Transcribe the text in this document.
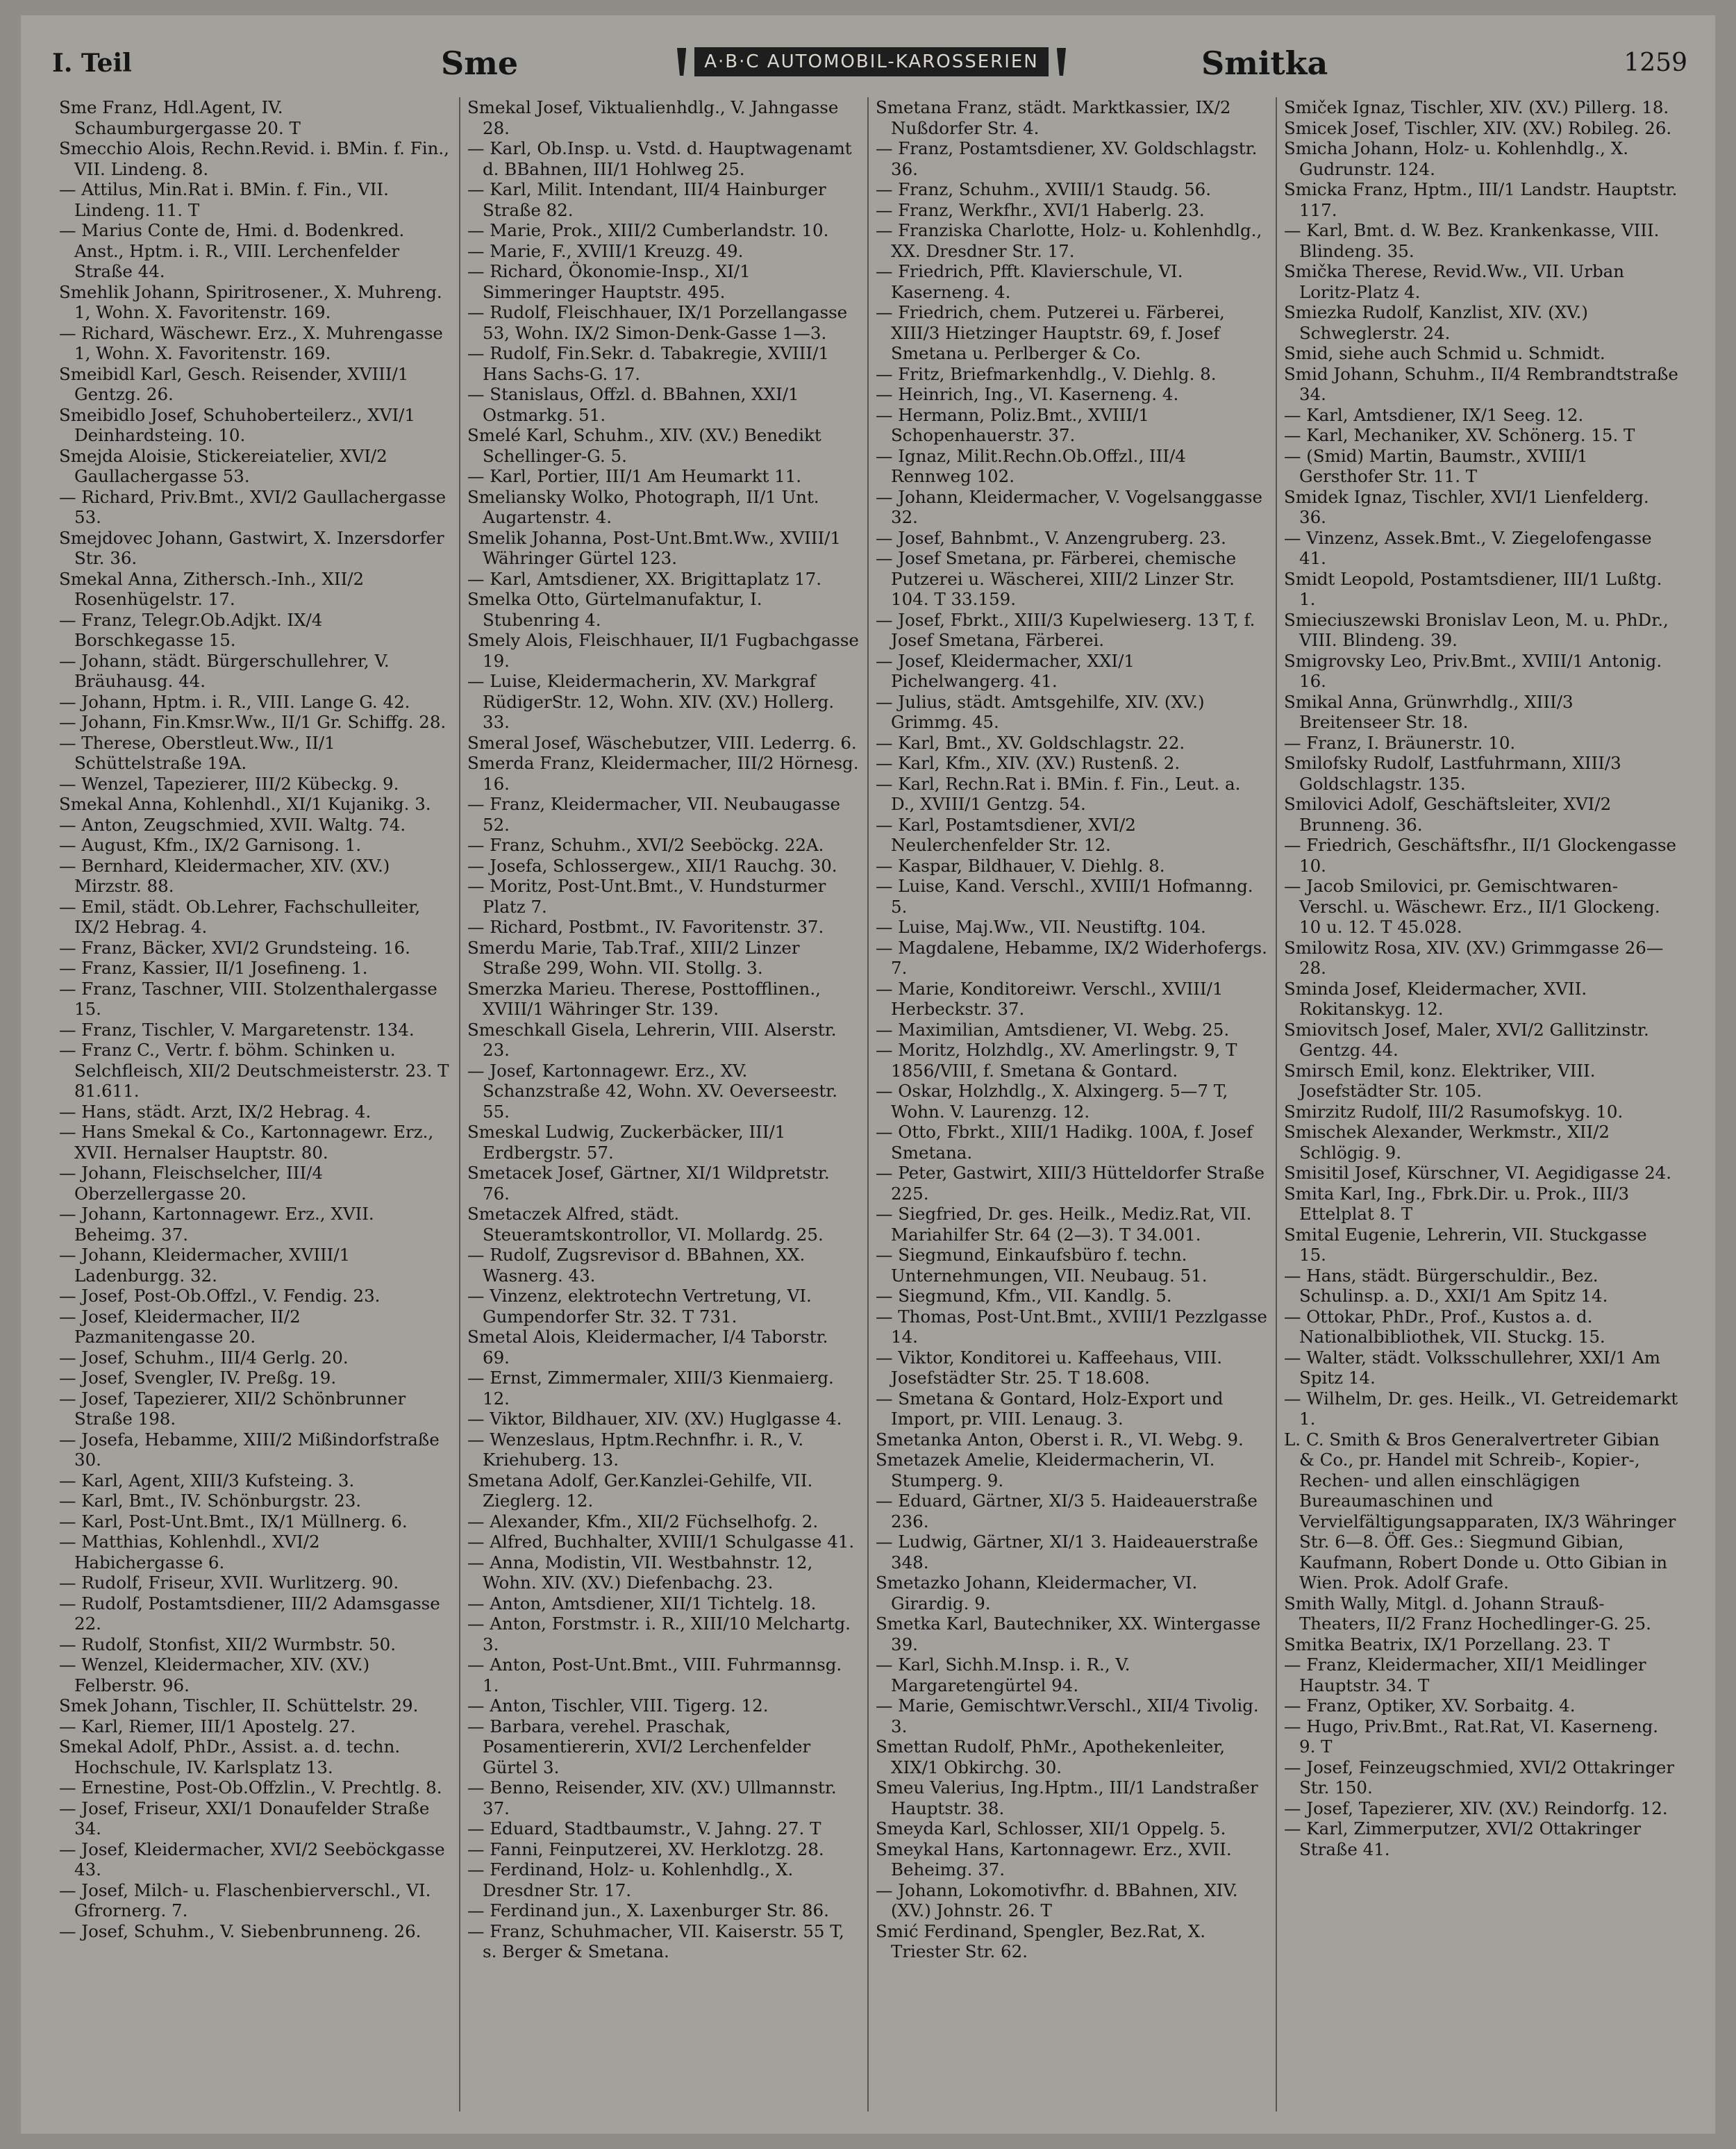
I. Teil	Sme	A·B·C AUTOMOBIL-KAROSSERIEN	Smitka	1259
Sme Franz, Hdl.Agent, IV. Schaumburgergasse 20. T
Smecchio Alois, Rechn.Revid. i. BMin. f. Fin., VII. Lindeng. 8.
— Attilus, Min.Rat i. BMin. f. Fin., VII. Lindeng. 11. T
— Marius Conte de, Hmi. d. Bodenkred. Anst., Hptm. i. R., VIII. Lerchenfelder Straße 44.
Smehlik Johann, Spiritrosener., X. Muhreng. 1, Wohn. X. Favoritenstr. 169.
— Richard, Wäschewr. Erz., X. Muhrengasse 1, Wohn. X. Favoritenstr. 169.
Smeibidl Karl, Gesch. Reisender, XVIII/1 Gentzg. 26.
Smeibidlo Josef, Schuhoberteilerz., XVI/1 Deinhardsteing. 10.
Smejda Aloisie, Stickereiatelier, XVI/2 Gaullachergasse 53.
— Richard, Priv.Bmt., XVI/2 Gaullachergasse 53.
Smejdovec Johann, Gastwirt, X. Inzersdorfer Str. 36.
Smekal Anna, Zithersch.-Inh., XII/2 Rosenhügelstr. 17.
— Franz, Telegr.Ob.Adjkt. IX/4 Borschkegasse 15.
— Johann, städt. Bürgerschullehrer, V. Bräuhausg. 44.
— Johann, Hptm. i. R., VIII. Lange G. 42.
— Johann, Fin.Kmsr.Ww., II/1 Gr. Schiffg. 28.
— Therese, Oberstleut.Ww., II/1 Schüttelstraße 19A.
— Wenzel, Tapezierer, III/2 Kübeckg. 9.
Smekal Anna, Kohlenhdl., XI/1 Kujanikg. 3.
— Anton, Zeugschmied, XVII. Waltg. 74.
— August, Kfm., IX/2 Garnisong. 1.
— Bernhard, Kleidermacher, XIV. (XV.) Mirzstr. 88.
— Emil, städt. Ob.Lehrer, Fachschulleiter, IX/2 Hebrag. 4.
— Franz, Bäcker, XVI/2 Grundsteing. 16.
— Franz, Kassier, II/1 Josefineng. 1.
— Franz, Taschner, VIII. Stolzenthalergasse 15.
— Franz, Tischler, V. Margaretenstr. 134.
— Franz C., Vertr. f. böhm. Schinken u. Selchfleisch, XII/2 Deutschmeisterstr. 23. T 81.611.
— Hans, städt. Arzt, IX/2 Hebrag. 4.
— Hans Smekal & Co., Kartonnagewr. Erz., XVII. Hernalser Hauptstr. 80.
— Johann, Fleischselcher, III/4 Oberzellergasse 20.
— Johann, Kartonnagewr. Erz., XVII. Beheimg. 37.
— Johann, Kleidermacher, XVIII/1 Ladenburgg. 32.
— Josef, Post-Ob.Offzl., V. Fendig. 23.
— Josef, Kleidermacher, II/2 Pazmanitengasse 20.
— Josef, Schuhm., III/4 Gerlg. 20.
— Josef, Svengler, IV. Preßg. 19.
— Josef, Tapezierer, XII/2 Schönbrunner Straße 198.
— Josefa, Hebamme, XIII/2 Mißindorfstraße 30.
— Karl, Agent, XIII/3 Kufsteing. 3.
— Karl, Bmt., IV. Schönburgstr. 23.
— Karl, Post-Unt.Bmt., IX/1 Müllnerg. 6.
— Matthias, Kohlenhdl., XVI/2 Habichergasse 6.
— Rudolf, Friseur, XVII. Wurlitzerg. 90.
— Rudolf, Postamtsdiener, III/2 Adamsgasse 22.
— Rudolf, Stonfist, XII/2 Wurmbstr. 50.
— Wenzel, Kleidermacher, XIV. (XV.) Felberstr. 96.
Smek Johann, Tischler, II. Schüttelstr. 29.
— Karl, Riemer, III/1 Apostelg. 27.
Smekal Adolf, PhDr., Assist. a. d. techn. Hochschule, IV. Karlsplatz 13.
— Ernestine, Post-Ob.Offzlin., V. Prechtlg. 8.
— Josef, Friseur, XXI/1 Donaufelder Straße 34.
— Josef, Kleidermacher, XVI/2 Seeböckgasse 43.
— Josef, Milch- u. Flaschenbierverschl., VI. Gfrornerg. 7.
— Josef, Schuhm., V. Siebenbrunneng. 26.
Smekal Josef, Viktualienhdlg., V. Jahngasse 28.
— Karl, Ob.Insp. u. Vstd. d. Hauptwagenamt d. BBahnen, III/1 Hohlweg 25.
— Karl, Milit. Intendant, III/4 Hainburger Straße 82.
— Marie, Prok., XIII/2 Cumberlandstr. 10.
— Marie, F., XVIII/1 Kreuzg. 49.
— Richard, Ökonomie-Insp., XI/1 Simmeringer Hauptstr. 495.
— Rudolf, Fleischhauer, IX/1 Porzellangasse 53, Wohn. IX/2 Simon-Denk-Gasse 1—3.
— Rudolf, Fin.Sekr. d. Tabakregie, XVIII/1 Hans Sachs-G. 17.
— Stanislaus, Offzl. d. BBahnen, XXI/1 Ostmarkg. 51.
Smelé Karl, Schuhm., XIV. (XV.) Benedikt Schellinger-G. 5.
— Karl, Portier, III/1 Am Heumarkt 11.
Smeliansky Wolko, Photograph, II/1 Unt. Augartenstr. 4.
Smelik Johanna, Post-Unt.Bmt.Ww., XVIII/1 Währinger Gürtel 123.
— Karl, Amtsdiener, XX. Brigittaplatz 17.
Smelka Otto, Gürtelmanufaktur, I. Stubenring 4.
Smely Alois, Fleischhauer, II/1 Fugbachgasse 19.
— Luise, Kleidermacherin, XV. Markgraf RüdigerStr. 12, Wohn. XIV. (XV.) Hollerg. 33.
Smeral Josef, Wäschebutzer, VIII. Lederrg. 6.
Smerda Franz, Kleidermacher, III/2 Hörnesg. 16.
— Franz, Kleidermacher, VII. Neubaugasse 52.
— Franz, Schuhm., XVI/2 Seeböckg. 22A.
— Josefa, Schlossergew., XII/1 Rauchg. 30.
— Moritz, Post-Unt.Bmt., V. Hundsturmer Platz 7.
— Richard, Postbmt., IV. Favoritenstr. 37.
Smerdu Marie, Tab.Traf., XIII/2 Linzer Straße 299, Wohn. VII. Stollg. 3.
Smerzka Marieu. Therese, Posttofflinen., XVIII/1 Währinger Str. 139.
Smeschkall Gisela, Lehrerin, VIII. Alserstr. 23.
— Josef, Kartonnagewr. Erz., XV. Schanzstraße 42, Wohn. XV. Oeverseestr. 55.
Smeskal Ludwig, Zuckerbäcker, III/1 Erdbergstr. 57.
Smetacek Josef, Gärtner, XI/1 Wildpretstr. 76.
Smetaczek Alfred, städt. Steueramtskontrollor, VI. Mollardg. 25.
— Rudolf, Zugsrevisor d. BBahnen, XX. Wasnerg. 43.
— Vinzenz, elektrotechn Vertretung, VI. Gumpendorfer Str. 32. T 731.
Smetal Alois, Kleidermacher, I/4 Taborstr. 69.
— Ernst, Zimmermaler, XIII/3 Kienmaierg. 12.
— Viktor, Bildhauer, XIV. (XV.) Huglgasse 4.
— Wenzeslaus, Hptm.Rechnfhr. i. R., V. Kriehuberg. 13.
Smetana Adolf, Ger.Kanzlei-Gehilfe, VII. Zieglerg. 12.
— Alexander, Kfm., XII/2 Füchselhofg. 2.
— Alfred, Buchhalter, XVIII/1 Schulgasse 41.
— Anna, Modistin, VII. Westbahnstr. 12, Wohn. XIV. (XV.) Diefenbachg. 23.
— Anton, Amtsdiener, XII/1 Tichtelg. 18.
— Anton, Forstmstr. i. R., XIII/10 Melchartg. 3.
— Anton, Post-Unt.Bmt., VIII. Fuhrmannsg. 1.
— Anton, Tischler, VIII. Tigerg. 12.
— Barbara, verehel. Praschak, Posamentiererin, XVI/2 Lerchenfelder Gürtel 3.
— Benno, Reisender, XIV. (XV.) Ullmannstr. 37.
— Eduard, Stadtbaumstr., V. Jahng. 27. T
— Fanni, Feinputzerei, XV. Herklotzg. 28.
— Ferdinand, Holz- u. Kohlenhdlg., X. Dresdner Str. 17.
— Ferdinand jun., X. Laxenburger Str. 86.
— Franz, Schuhmacher, VII. Kaiserstr. 55 T, s. Berger & Smetana.
Smetana Franz, städt. Marktkassier, IX/2 Nußdorfer Str. 4.
— Franz, Postamtsdiener, XV. Goldschlagstr. 36.
— Franz, Schuhm., XVIII/1 Staudg. 56.
— Franz, Werkfhr., XVI/1 Haberlg. 23.
— Franziska Charlotte, Holz- u. Kohlenhdlg., XX. Dresdner Str. 17.
— Friedrich, Pfft. Klavierschule, VI. Kaserneng. 4.
— Friedrich, chem. Putzerei u. Färberei, XIII/3 Hietzinger Hauptstr. 69, f. Josef Smetana u. Perlberger & Co.
— Fritz, Briefmarkenhdlg., V. Diehlg. 8.
— Heinrich, Ing., VI. Kaserneng. 4.
— Hermann, Poliz.Bmt., XVIII/1 Schopenhauerstr. 37.
— Ignaz, Milit.Rechn.Ob.Offzl., III/4 Rennweg 102.
— Johann, Kleidermacher, V. Vogelsanggasse 32.
— Josef, Bahnbmt., V. Anzengruberg. 23.
— Josef Smetana, pr. Färberei, chemische Putzerei u. Wäscherei, XIII/2 Linzer Str. 104. T 33.159.
— Josef, Fbrkt., XIII/3 Kupelwieserg. 13 T, f. Josef Smetana, Färberei.
— Josef, Kleidermacher, XXI/1 Pichelwangerg. 41.
— Julius, städt. Amtsgehilfe, XIV. (XV.) Grimmg. 45.
— Karl, Bmt., XV. Goldschlagstr. 22.
— Karl, Kfm., XIV. (XV.) Rustenß. 2.
— Karl, Rechn.Rat i. BMin. f. Fin., Leut. a. D., XVIII/1 Gentzg. 54.
— Karl, Postamtsdiener, XVI/2 Neulerchenfelder Str. 12.
— Kaspar, Bildhauer, V. Diehlg. 8.
— Luise, Kand. Verschl., XVIII/1 Hofmanng. 5.
— Luise, Maj.Ww., VII. Neustiftg. 104.
— Magdalene, Hebamme, IX/2 Widerhofergs. 7.
— Marie, Konditoreiwr. Verschl., XVIII/1 Herbeckstr. 37.
— Maximilian, Amtsdiener, VI. Webg. 25.
— Moritz, Holzhdlg., XV. Amerlingstr. 9, T 1856/VIII, f. Smetana & Gontard.
— Oskar, Holzhdlg., X. Alxingerg. 5—7 T, Wohn. V. Laurenzg. 12.
— Otto, Fbrkt., XIII/1 Hadikg. 100A, f. Josef Smetana.
— Peter, Gastwirt, XIII/3 Hütteldorfer Straße 225.
— Siegfried, Dr. ges. Heilk., Mediz.Rat, VII. Mariahilfer Str. 64 (2—3). T 34.001.
— Siegmund, Einkaufsbüro f. techn. Unternehmungen, VII. Neubaug. 51.
— Siegmund, Kfm., VII. Kandlg. 5.
— Thomas, Post-Unt.Bmt., XVIII/1 Pezzlgasse 14.
— Viktor, Konditorei u. Kaffeehaus, VIII. Josefstädter Str. 25. T 18.608.
— Smetana & Gontard, Holz-Export und Import, pr. VIII. Lenaug. 3.
Smetanka Anton, Oberst i. R., VI. Webg. 9.
Smetazek Amelie, Kleidermacherin, VI. Stumperg. 9.
— Eduard, Gärtner, XI/3 5. Haideauerstraße 236.
— Ludwig, Gärtner, XI/1 3. Haideauerstraße 348.
Smetazko Johann, Kleidermacher, VI. Girardig. 9.
Smetka Karl, Bautechniker, XX. Wintergasse 39.
— Karl, Sichh.M.Insp. i. R., V. Margaretengürtel 94.
— Marie, Gemischtwr.Verschl., XII/4 Tivolig. 3.
Smettan Rudolf, PhMr., Apothekenleiter, XIX/1 Obkirchg. 30.
Smeu Valerius, Ing.Hptm., III/1 Landstraßer Hauptstr. 38.
Smeyda Karl, Schlosser, XII/1 Oppelg. 5.
Smeykal Hans, Kartonnagewr. Erz., XVII. Beheimg. 37.
— Johann, Lokomotivfhr. d. BBahnen, XIV. (XV.) Johnstr. 26. T
Smić Ferdinand, Spengler, Bez.Rat, X. Triester Str. 62.
Smiček Ignaz, Tischler, XIV. (XV.) Pillerg. 18.
Smicek Josef, Tischler, XIV. (XV.) Robileg. 26.
Smicha Johann, Holz- u. Kohlenhdlg., X. Gudrunstr. 124.
Smicka Franz, Hptm., III/1 Landstr. Hauptstr. 117.
— Karl, Bmt. d. W. Bez. Krankenkasse, VIII. Blindeng. 35.
Smička Therese, Revid.Ww., VII. Urban Loritz-Platz 4.
Smiezka Rudolf, Kanzlist, XIV. (XV.) Schweglerstr. 24.
Smid, siehe auch Schmid u. Schmidt.
Smid Johann, Schuhm., II/4 Rembrandtstraße 34.
— Karl, Amtsdiener, IX/1 Seeg. 12.
— Karl, Mechaniker, XV. Schönerg. 15. T
— (Smid) Martin, Baumstr., XVIII/1 Gersthofer Str. 11. T
Smidek Ignaz, Tischler, XVI/1 Lienfelderg. 36.
— Vinzenz, Assek.Bmt., V. Ziegelofengasse 41.
Smidt Leopold, Postamtsdiener, III/1 Lußtg. 1.
Smieciuszewski Bronislav Leon, M. u. PhDr., VIII. Blindeng. 39.
Smigrovsky Leo, Priv.Bmt., XVIII/1 Antonig. 16.
Smikal Anna, Grünwrhdlg., XIII/3 Breitenseer Str. 18.
— Franz, I. Bräunerstr. 10.
Smilofsky Rudolf, Lastfuhrmann, XIII/3 Goldschlagstr. 135.
Smilovici Adolf, Geschäftsleiter, XVI/2 Brunneng. 36.
— Friedrich, Geschäftsfhr., II/1 Glockengasse 10.
— Jacob Smilovici, pr. Gemischtwaren-Verschl. u. Wäschewr. Erz., II/1 Glockeng. 10 u. 12. T 45.028.
Smilowitz Rosa, XIV. (XV.) Grimmgasse 26—28.
Sminda Josef, Kleidermacher, XVII. Rokitanskyg. 12.
Smiovitsch Josef, Maler, XVI/2 Gallitzinstr. Gentzg. 44.
Smirsch Emil, konz. Elektriker, VIII. Josefstädter Str. 105.
Smirzitz Rudolf, III/2 Rasumofskyg. 10.
Smischek Alexander, Werkmstr., XII/2 Schlögig. 9.
Smisitil Josef, Kürschner, VI. Aegidigasse 24.
Smita Karl, Ing., Fbrk.Dir. u. Prok., III/3 Ettelplat 8. T
Smital Eugenie, Lehrerin, VII. Stuckgasse 15.
— Hans, städt. Bürgerschuldir., Bez. Schulinsp. a. D., XXI/1 Am Spitz 14.
— Ottokar, PhDr., Prof., Kustos a. d. Nationalbibliothek, VII. Stuckg. 15.
— Walter, städt. Volksschullehrer, XXI/1 Am Spitz 14.
— Wilhelm, Dr. ges. Heilk., VI. Getreidemarkt 1.
L. C. Smith & Bros Generalvertreter Gibian & Co., pr. Handel mit Schreib-, Kopier-, Rechen- und allen einschlägigen Bureaumaschinen und Vervielfältigungsapparaten, IX/3 Währinger Str. 6—8. Öff. Ges.: Siegmund Gibian, Kaufmann, Robert Donde u. Otto Gibian in Wien. Prok. Adolf Grafe.
Smith Wally, Mitgl. d. Johann Strauß-Theaters, II/2 Franz Hochedlinger-G. 25.
Smitka Beatrix, IX/1 Porzellang. 23. T
— Franz, Kleidermacher, XII/1 Meidlinger Hauptstr. 34. T
— Franz, Optiker, XV. Sorbaitg. 4.
— Hugo, Priv.Bmt., Rat.Rat, VI. Kaserneng. 9. T
— Josef, Feinzeugschmied, XVI/2 Ottakringer Str. 150.
— Josef, Tapezierer, XIV. (XV.) Reindorfg. 12.
— Karl, Zimmerputzer, XVI/2 Ottakringer Straße 41.
